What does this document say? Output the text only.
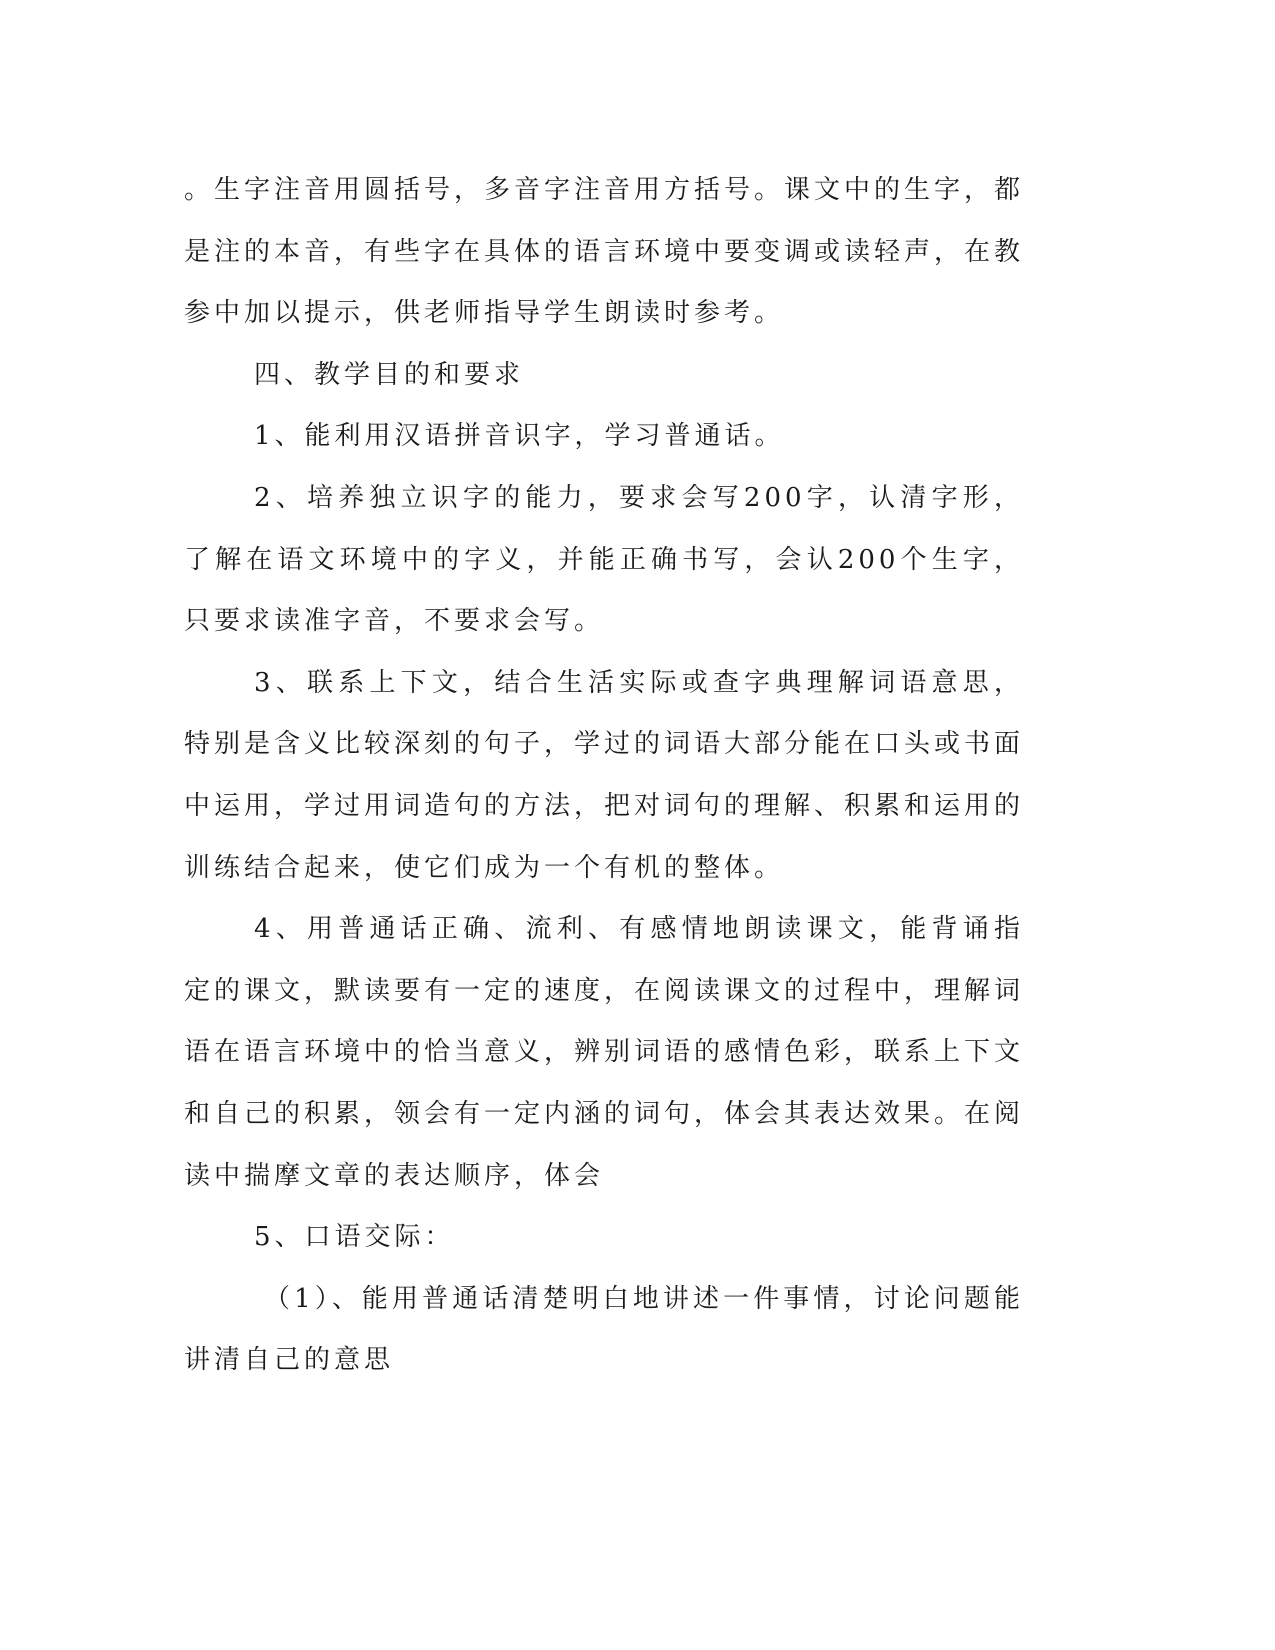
。生字注音用圆括号，多音字注音用方括号。课文中的生字，都是注的本音，有些字在具体的语言环境中要变调或读轻声，在教参中加以提示，供老师指导学生朗读时参考。

四、教学目的和要求

1、能利用汉语拼音识字，学习普通话。

2、培养独立识字的能力，要求会写200字，认清字形，了解在语文环境中的字义，并能正确书写，会认200个生字，只要求读准字音，不要求会写。

3、联系上下文，结合生活实际或查字典理解词语意思，特别是含义比较深刻的句子，学过的词语大部分能在口头或书面中运用，学过用词造句的方法，把对词句的理解、积累和运用的训练结合起来，使它们成为一个有机的整体。

4、用普通话正确、流利、有感情地朗读课文，能背诵指定的课文，默读要有一定的速度，在阅读课文的过程中，理解词语在语言环境中的恰当意义，辨别词语的感情色彩，联系上下文和自己的积累，领会有一定内涵的词句，体会其表达效果。在阅读中揣摩文章的表达顺序，体会

5、口语交际：

（1）、能用普通话清楚明白地讲述一件事情，讨论问题能讲清自己的意思
